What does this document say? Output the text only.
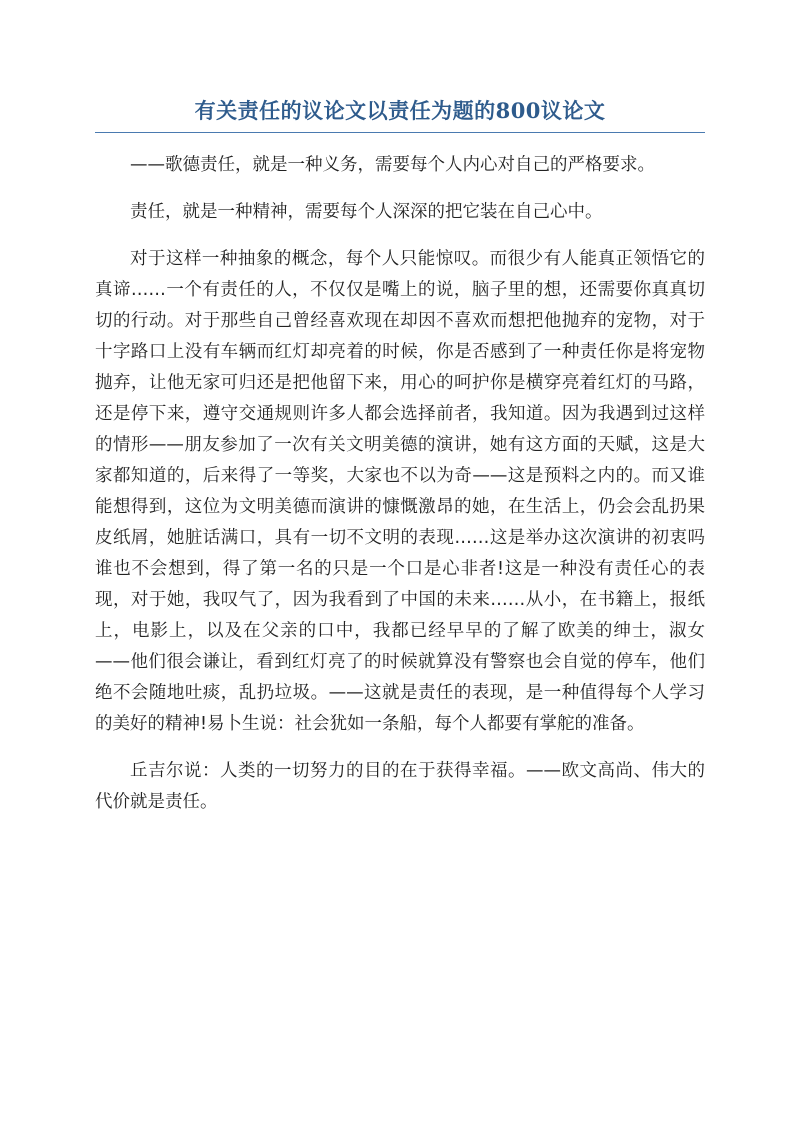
有关责任的议论文以责任为题的800议论文

——歌德责任，就是一种义务，需要每个人内心对自己的严格要求。

责任，就是一种精神，需要每个人深深的把它装在自己心中。

对于这样一种抽象的概念，每个人只能惊叹。而很少有人能真正领悟它的真谛……一个有责任的人，不仅仅是嘴上的说，脑子里的想，还需要你真真切切的行动。对于那些自己曾经喜欢现在却因不喜欢而想把他抛弃的宠物，对于十字路口上没有车辆而红灯却亮着的时候，你是否感到了一种责任你是将宠物抛弃，让他无家可归还是把他留下来，用心的呵护你是横穿亮着红灯的马路，还是停下来，遵守交通规则许多人都会选择前者，我知道。因为我遇到过这样的情形——朋友参加了一次有关文明美德的演讲，她有这方面的天赋，这是大家都知道的，后来得了一等奖，大家也不以为奇——这是预料之内的。而又谁能想得到，这位为文明美德而演讲的慷慨激昂的她，在生活上，仍会会乱扔果皮纸屑，她脏话满口，具有一切不文明的表现……这是举办这次演讲的初衷吗谁也不会想到，得了第一名的只是一个口是心非者!这是一种没有责任心的表现，对于她，我叹气了，因为我看到了中国的未来……从小，在书籍上，报纸上，电影上，以及在父亲的口中，我都已经早早的了解了欧美的绅士，淑女——他们很会谦让，看到红灯亮了的时候就算没有警察也会自觉的停车，他们绝不会随地吐痰，乱扔垃圾。——这就是责任的表现，是一种值得每个人学习的美好的精神!易卜生说：社会犹如一条船，每个人都要有掌舵的准备。

丘吉尔说：人类的一切努力的目的在于获得幸福。——欧文高尚、伟大的代价就是责任。
